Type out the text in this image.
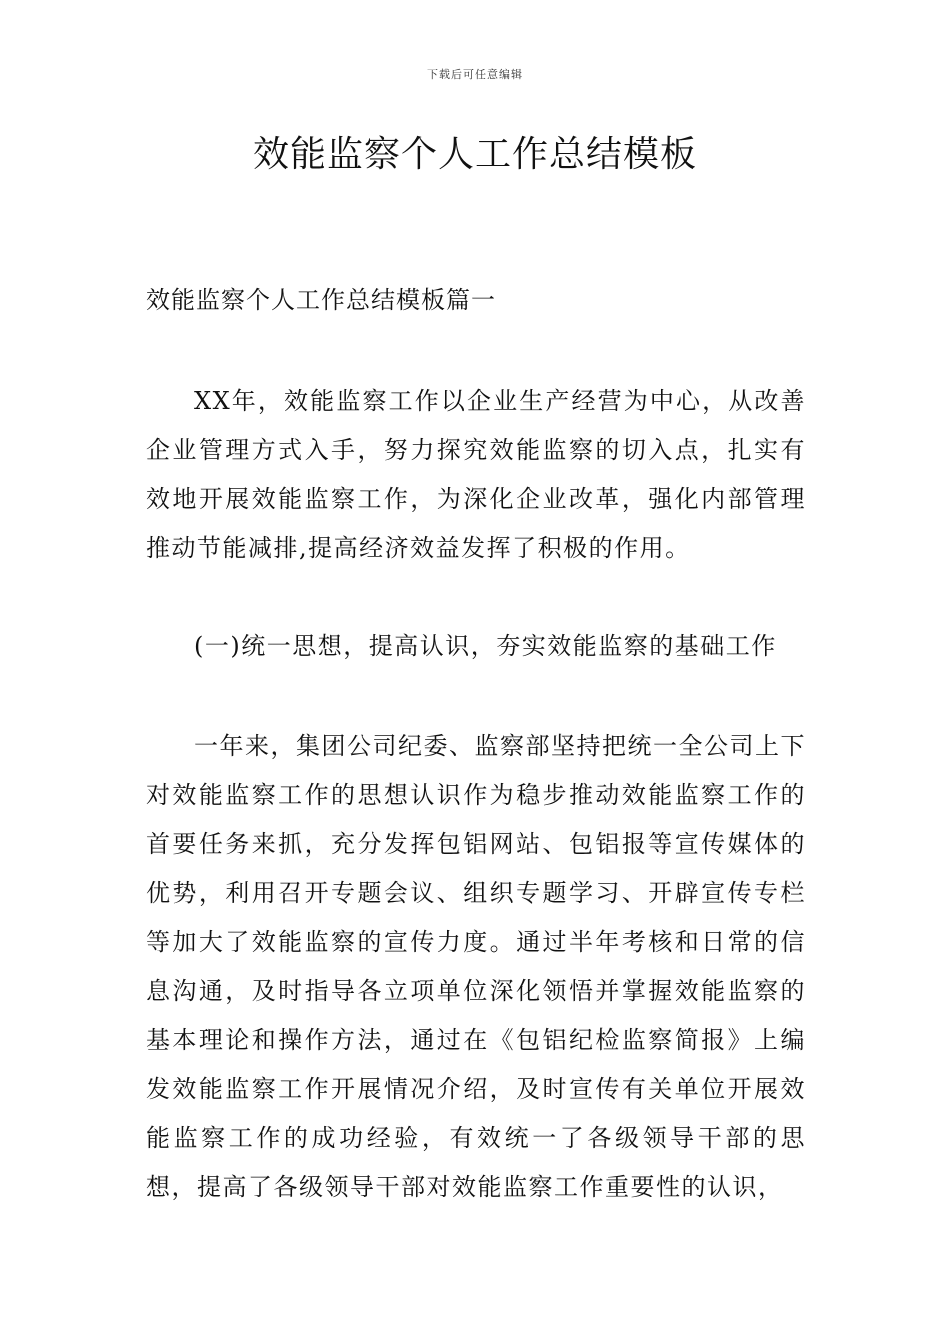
下载后可任意编辑
效能监察个人工作总结模板
效能监察个人工作总结模板篇一

XX年，效能监察工作以企业生产经营为中心，从改善企业管理方式入手，努力探究效能监察的切入点，扎实有效地开展效能监察工作，为深化企业改革，强化内部管理推动节能减排,提高经济效益发挥了积极的作用。

(一)统一思想，提高认识，夯实效能监察的基础工作

一年来，集团公司纪委、监察部坚持把统一全公司上下对效能监察工作的思想认识作为稳步推动效能监察工作的首要任务来抓，充分发挥包铝网站、包铝报等宣传媒体的优势，利用召开专题会议、组织专题学习、开辟宣传专栏等加大了效能监察的宣传力度。通过半年考核和日常的信息沟通，及时指导各立项单位深化领悟并掌握效能监察的基本理论和操作方法，通过在《包铝纪检监察简报》上编发效能监察工作开展情况介绍，及时宣传有关单位开展效能监察工作的成功经验，有效统一了各级领导干部的思想，提高了各级领导干部对效能监察工作重要性的认识，
